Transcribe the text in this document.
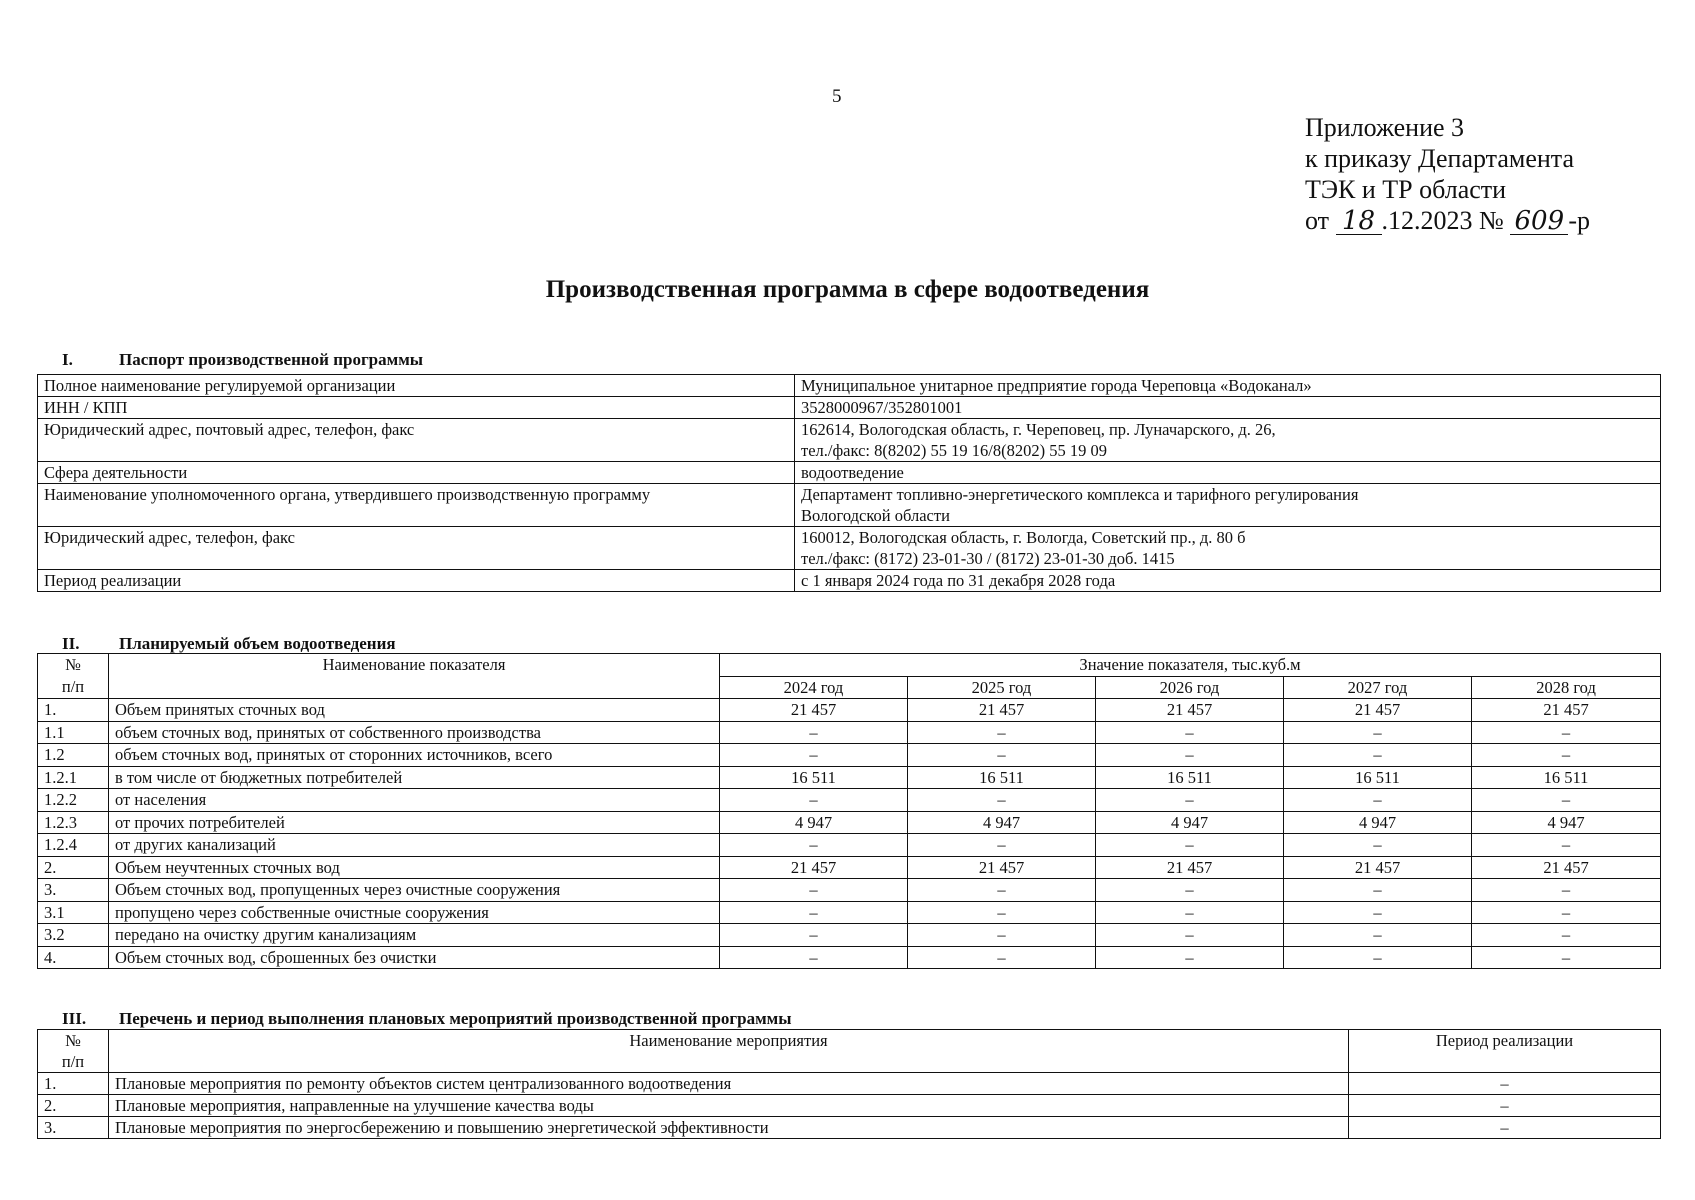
5
Приложение 3
к приказу Департамента
ТЭК и ТР области
от 18 .12.2023 № 609 -р
Производственная программа в сфере водоотведения
I.	Паспорт производственной программы
Полное наименование регулируемой организации	Муниципальное унитарное предприятие города Череповца «Водоканал»

ИНН / КПП	3528000967/352801001

Юридический адрес, почтовый адрес, телефон, факс	162614, Вологодская область, г. Череповец, пр. Луначарского, д. 26,
тел./факс: 8(8202) 55 19 16/8(8202) 55 19 09

Сфера деятельности	водоотведение

Наименование уполномоченного органа, утвердившего производственную программу	Департамент топливно-энергетического комплекса и тарифного регулирования
Вологодской области

Юридический адрес, телефон, факс	160012, Вологодская область, г. Вологда, Советский пр., д. 80 б
тел./факс: (8172) 23-01-30 / (8172) 23-01-30 доб. 1415

Период реализации	с 1 января 2024 года по 31 декабря 2028 года
II. Планируемый объем водоотведения
№
п/п	Наименование показателя	Значение показателя, тыс.куб.м				
		2024 год	2025 год	2026 год	2027 год	2028 год
1.	Объем принятых сточных вод	21 457	21 457	21 457	21 457	21 457
1.1	объем сточных вод, принятых от собственного производства	–	–	–	–	–
1.2	объем сточных вод, принятых от сторонних источников, всего	–	–	–	–	–
1.2.1	в том числе от бюджетных потребителей	16 511	16 511	16 511	16 511	16 511
1.2.2	от населения	–	–	–	–	–
1.2.3	от прочих потребителей	4 947	4 947	4 947	4 947	4 947
1.2.4	от других канализаций	–	–	–	–	–
2.	Объем неучтенных сточных вод	21 457	21 457	21 457	21 457	21 457
3.	Объем сточных вод, пропущенных через очистные сооружения	–	–	–	–	–
3.1	пропущено через собственные очистные сооружения	–	–	–	–	–
3.2	передано на очистку другим канализациям	–	–	–	–	–
4.	Объем сточных вод, сброшенных без очистки	–	–	–	–	–
III. Перечень и период выполнения плановых мероприятий производственной программы
№
п/п	Наименование мероприятия	Период реализации
1.	Плановые мероприятия по ремонту объектов систем централизованного водоотведения	–
2.	Плановые мероприятия, направленные на улучшение качества воды	–
3.	Плановые мероприятия по энергосбережению и повышению энергетической эффективности	–
